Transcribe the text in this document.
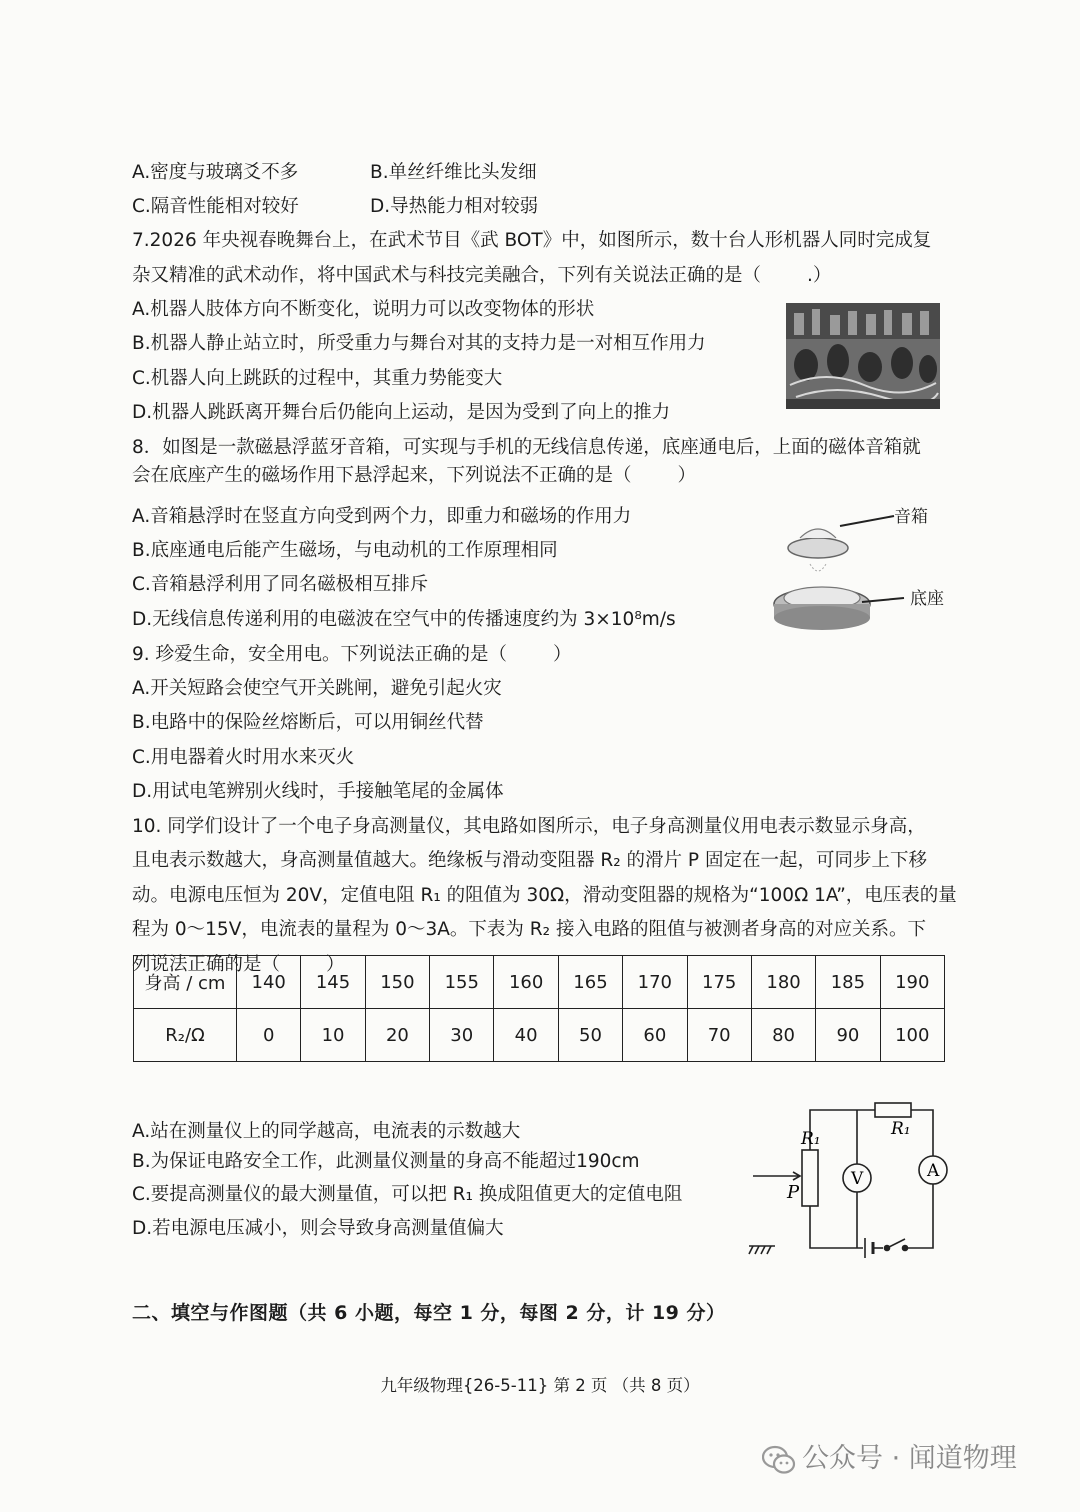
A.密度与玻璃爻不多	B.单丝纤维比头发细
C.隔音性能相对较好	D.导热能力相对较弱
7.2026 年央视春晚舞台上，在武术节目《武 BOT》中，如图所示，数十台人形机器人同时完成复
杂又精准的武术动作，将中国武术与科技完美融合，下列有关说法正确的是（ .）
A.机器人肢体方向不断变化，说明力可以改变物体的形状
B.机器人静止站立时，所受重力与舞台对其的支持力是一对相互作用力
C.机器人向上跳跃的过程中，其重力势能变大
D.机器人跳跃离开舞台后仍能向上运动，是因为受到了向上的推力
8．如图是一款磁悬浮蓝牙音箱，可实现与手机的无线信息传递，底座通电后，上面的磁体音箱就
会在底座产生的磁场作用下悬浮起来，下列说法不正确的是（ ）
A.音箱悬浮时在竖直方向受到两个力，即重力和磁场的作用力
B.底座通电后能产生磁场，与电动机的工作原理相同
C.音箱悬浮利用了同名磁极相互排斥
D.无线信息传递利用的电磁波在空气中的传播速度约为 3×10⁸m/s
音箱
底座
9. 珍爱生命，安全用电。下列说法正确的是（ ）
A.开关短路会使空气开关跳闸，避免引起火灾
B.电路中的保险丝熔断后，可以用铜丝代替
C.用电器着火时用水来灭火
D.用试电笔辨别火线时，手接触笔尾的金属体
10. 同学们设计了一个电子身高测量仪，其电路如图所示，电子身高测量仪用电表示数显示身高，
且电表示数越大，身高测量值越大。绝缘板与滑动变阻器 R₂ 的滑片 P 固定在一起，可同步上下移
动。电源电压恒为 20V，定值电阻 R₁ 的阻值为 30Ω，滑动变阻器的规格为“100Ω 1A”，电压表的量
程为 0～15V，电流表的量程为 0～3A。下表为 R₂ 接入电路的阻值与被测者身高的对应关系。下
列说法正确的是（ ）
身高 / cm	140	145	150	155	160	165	170	175	180	185	190
R₂/Ω	0	10	20	30	40	50	60	70	80	90	100
A.站在测量仪上的同学越高，电流表的示数越大
B.为保证电路安全工作，此测量仪测量的身高不能超过190cm
C.要提高测量仪的最大测量值，可以把 R₁ 换成阻值更大的定值电阻
D.若电源电压减小，则会导致身高测量值偏大
V	A
R₁
R₁
P
二、填空与作图题（共 6 小题，每空 1 分，每图 2 分，计 19 分）
九年级物理{26-5-11} 第 2 页 （共 8 页）
公众号 · 闻道物理
